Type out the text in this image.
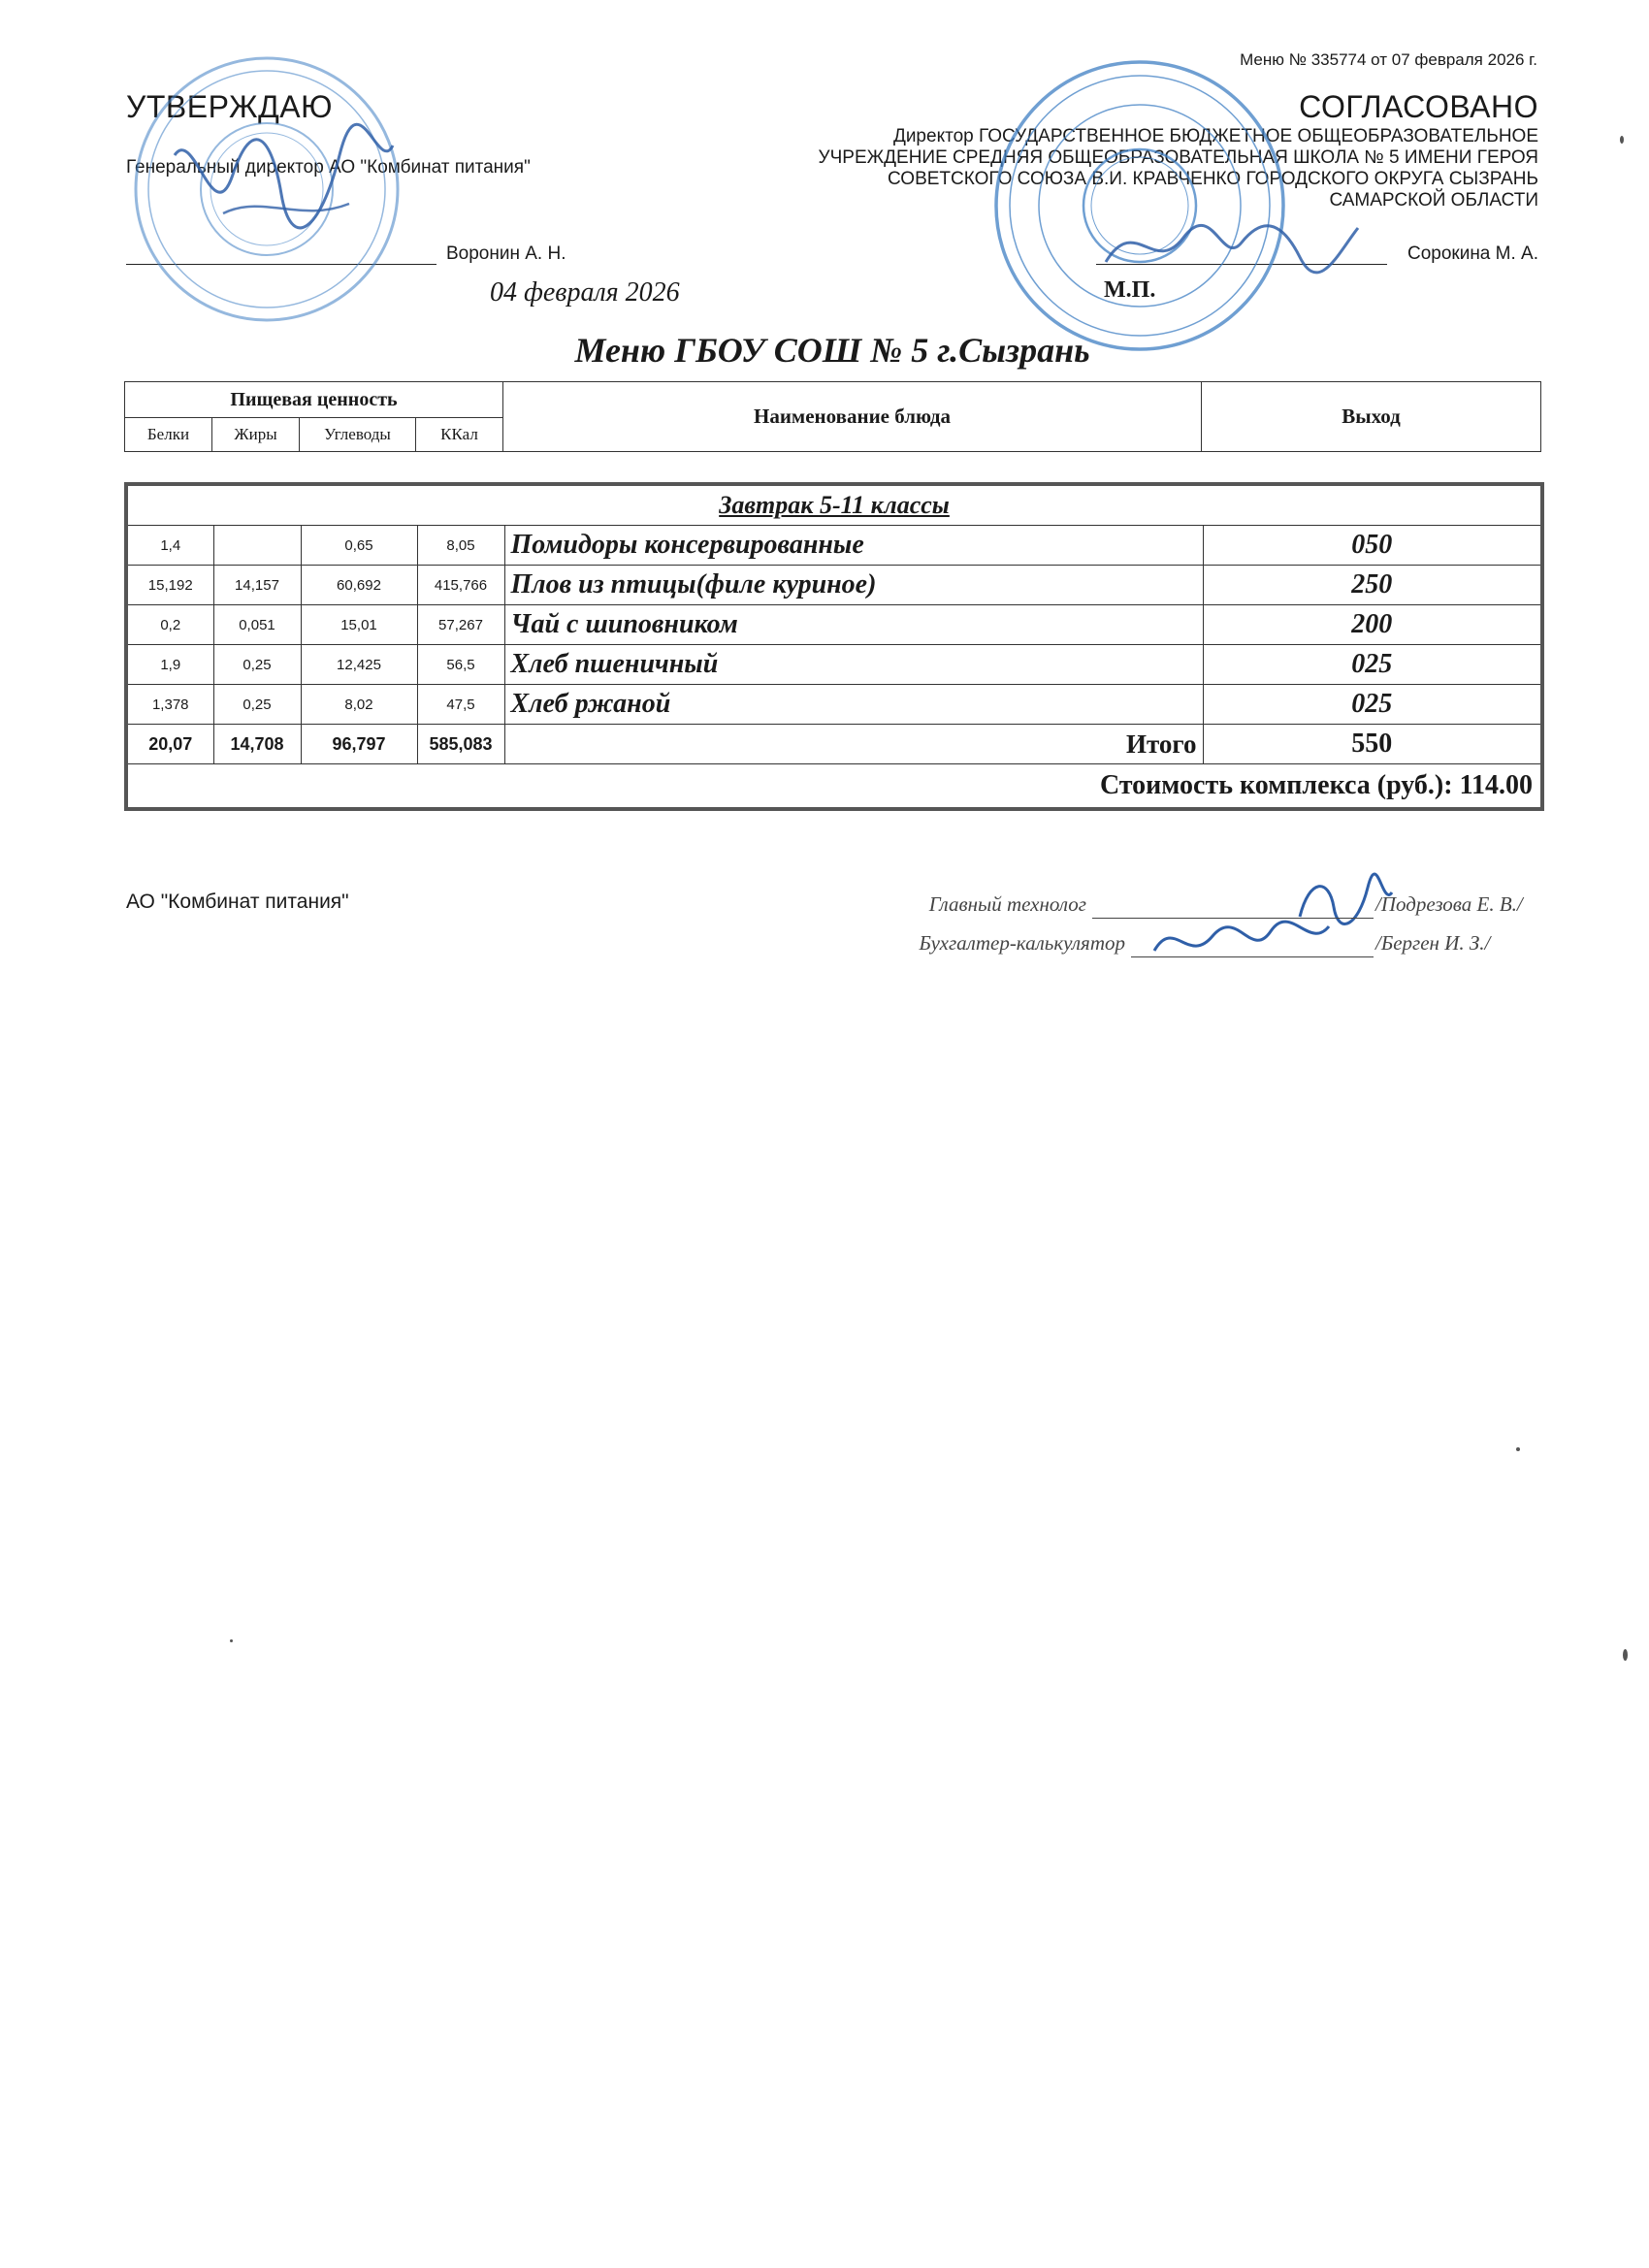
Меню № 335774 от 07 февраля 2026 г.
УТВЕРЖДАЮ
Генеральный директор АО "Комбинат питания"
Воронин А. Н.
04 февраля 2026
СОГЛАСОВАНО
Директор ГОСУДАРСТВЕННОЕ БЮДЖЕТНОЕ ОБЩЕОБРАЗОВАТЕЛЬНОЕ
УЧРЕЖДЕНИЕ СРЕДНЯЯ ОБЩЕОБРАЗОВАТЕЛЬНАЯ ШКОЛА № 5 ИМЕНИ ГЕРОЯ
СОВЕТСКОГО СОЮЗА В.И. КРАВЧЕНКО ГОРОДСКОГО ОКРУГА СЫЗРАНЬ
САМАРСКОЙ ОБЛАСТИ
Сорокина М. А.
М.П.
Меню ГБОУ СОШ № 5 г.Сызрань
Пищевая ценность				Наименование блюда	Выход
Белки	Жиры	Углеводы	ККал		
Завтрак 5-11 классы					
1,4		0,65	8,05	Помидоры консервированные	050
15,192	14,157	60,692	415,766	Плов из птицы(филе куриное)	250
0,2	0,051	15,01	57,267	Чай с шиповником	200
1,9	0,25	12,425	56,5	Хлеб пшеничный	025
1,378	0,25	8,02	47,5	Хлеб ржаной	025
20,07	14,708	96,797	585,083	Итого	550
Стоимость комплекса (руб.): 114.00					
АО "Комбинат питания"	Главный технолог	/Подрезова Е. В./
Бухгалтер-калькулятор	/Берген И. З./
